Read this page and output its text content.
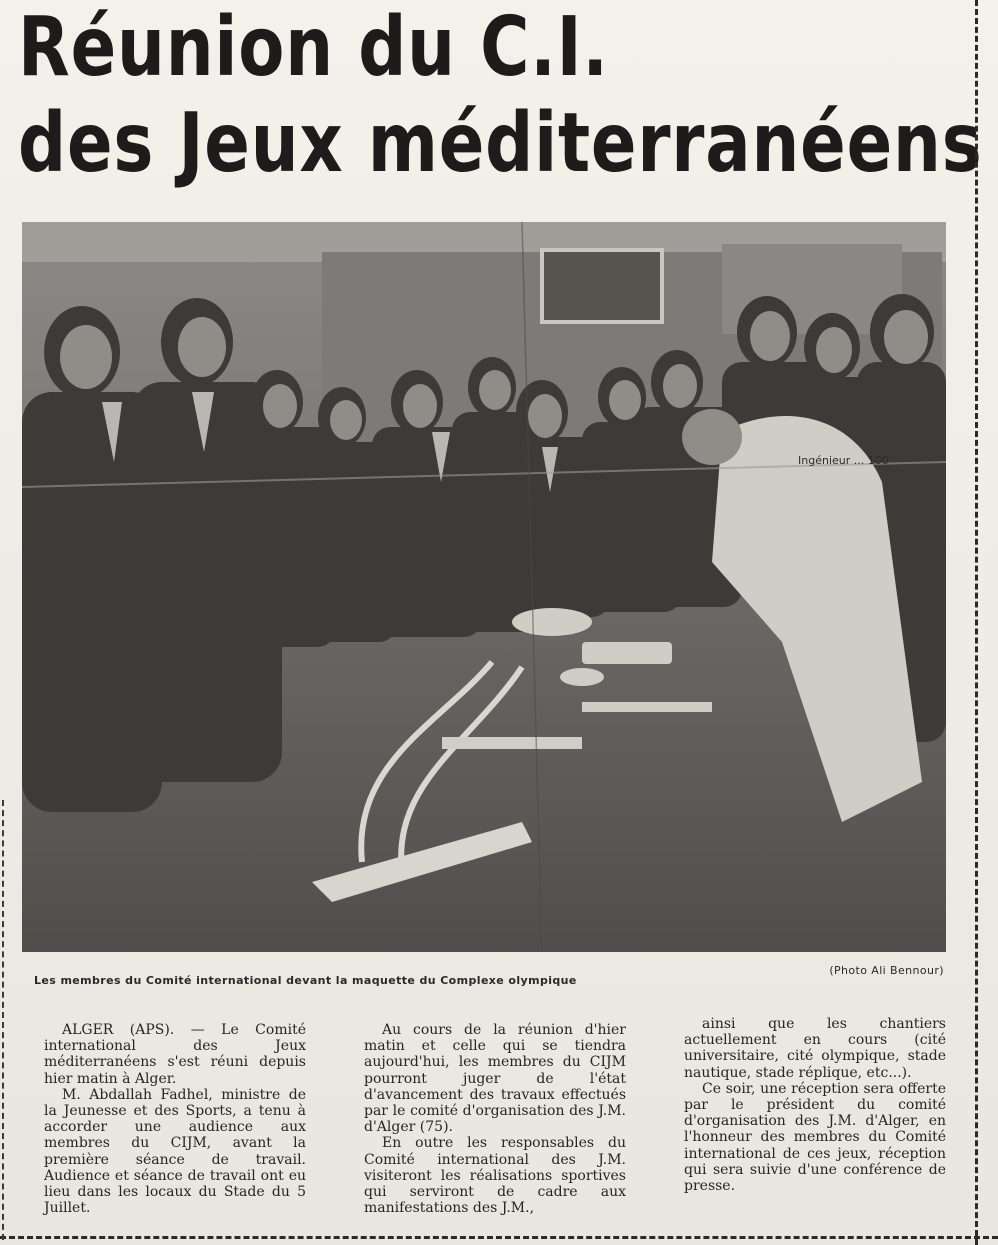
Réunion du C.I.
des Jeux méditerranéens
Ingénieur ... 100
Les membres du Comité international devant la maquette du Complexe olympique
(Photo Ali Bennour)

ALGER (APS). — Le Comité international des Jeux méditerranéens s'est réuni depuis hier matin à Alger.

M. Abdallah Fadhel, ministre de la Jeunesse et des Sports, a tenu à accorder une audience aux membres du CIJM, avant la première séance de travail. Audience et séance de travail ont eu lieu dans les locaux du Stade du 5 Juillet.

Au cours de la réunion d'hier matin et celle qui se tiendra aujourd'hui, les membres du CIJM pourront juger de l'état d'avancement des travaux effectués par le comité d'organisation des J.M. d'Alger (75).

En outre les responsables du Comité international des J.M. visiteront les réalisations sportives qui serviront de cadre aux manifestations des J.M.,

ainsi que les chantiers actuellement en cours (cité universitaire, cité olympique, stade nautique, stade réplique, etc...).

Ce soir, une réception sera offerte par le président du comité d'organisation des J.M. d'Alger, en l'honneur des membres du Comité international de ces jeux, réception qui sera suivie d'une conférence de presse.
